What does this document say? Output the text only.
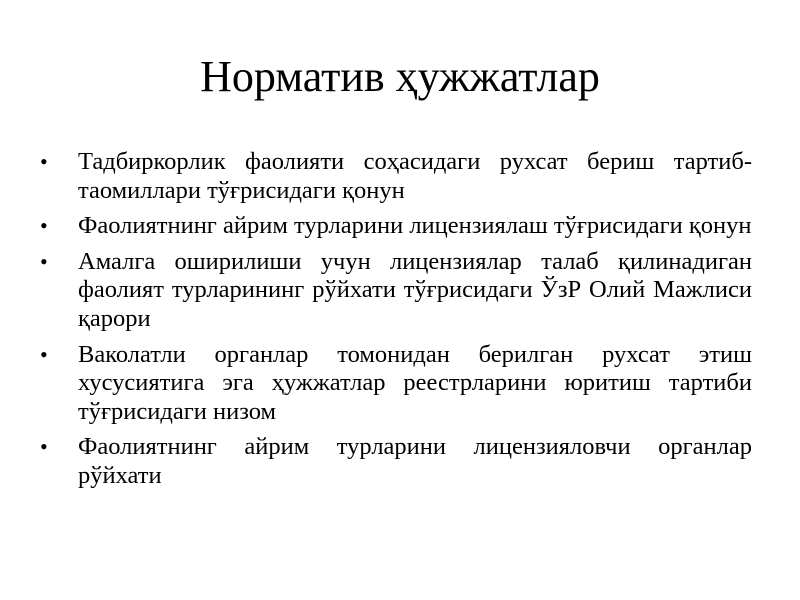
Норматив ҳужжатлар
• Тадбиркорлик фаолияти соҳасидаги рухсат бериш тартиб-таомиллари тўғрисидаги қонун
• Фаолиятнинг айрим турларини лицензиялаш тўғрисидаги қонун
• Амалга оширилиши учун лицензиялар талаб қилинадиган фаолият турларининг рўйхати тўғрисидаги ЎзР Олий Мажлиси қарори
• Ваколатли органлар томонидан берилган рухсат этиш хусусиятига эга ҳужжатлар реестрларини юритиш тартиби тўғрисидаги низом
• Фаолиятнинг айрим турларини лицензияловчи органлар рўйхати
